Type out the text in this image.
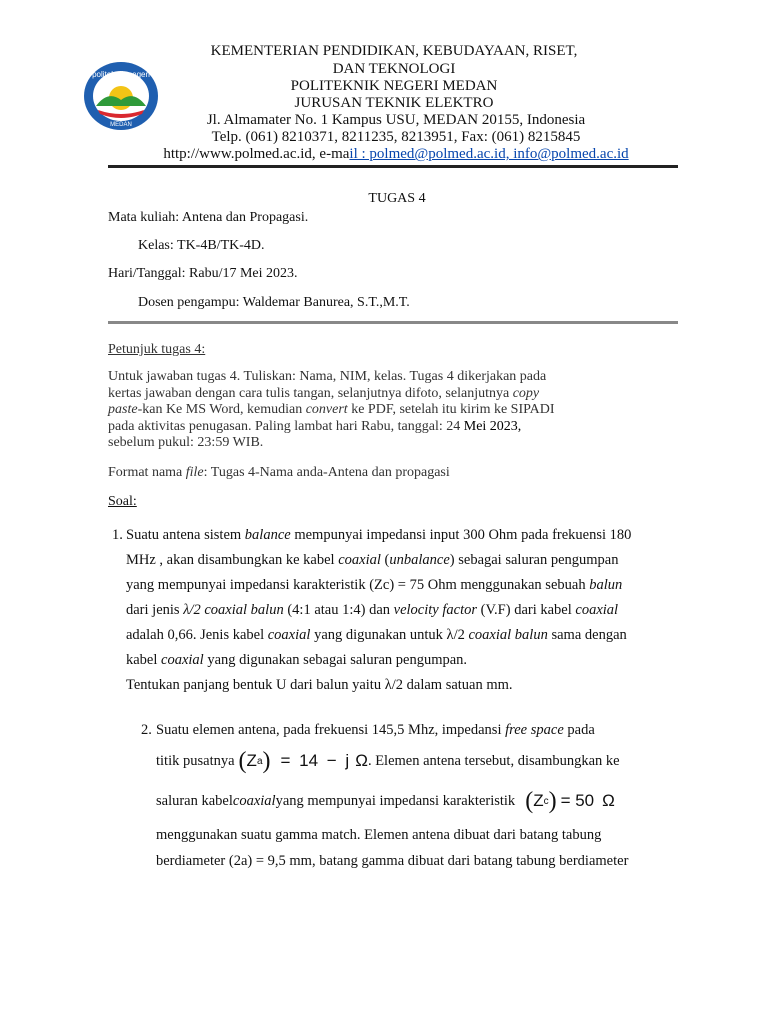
politeknik negeri
MEDAN
KEMENTERIAN PENDIDIKAN, KEBUDAYAAN, RISET,
DAN TEKNOLOGI
POLITEKNIK NEGERI MEDAN
JURUSAN TEKNIK ELEKTRO
Jl. Almamater No. 1 Kampus USU, MEDAN 20155, Indonesia
Telp. (061) 8210371, 8211235, 8213951, Fax: (061) 8215845
http://www.polmed.ac.id, e-mail : polmed@polmed.ac.id, info@polmed.ac.id
TUGAS 4
Mata kuliah: Antena dan Propagasi.
Kelas: TK-4B/TK-4D.
Hari/Tanggal: Rabu/17 Mei 2023.
Dosen pengampu: Waldemar Banurea, S.T.,M.T.
Petunjuk tugas 4:
Untuk jawaban tugas 4. Tuliskan: Nama, NIM, kelas. Tugas 4 dikerjakan pada
kertas jawaban dengan cara tulis tangan, selanjutnya difoto, selanjutnya copy
paste-kan Ke MS Word, kemudian convert ke PDF, setelah itu kirim ke SIPADI
pada aktivitas penugasan. Paling lambat hari Rabu, tanggal: 24 Mei 2023,
sebelum pukul: 23:59 WIB.
Format nama file: Tugas 4-Nama anda-Antena dan propagasi
Soal:
1. Suatu antena sistem balance mempunyai impedansi input 300 Ohm pada frekuensi 180
MHz , akan disambungkan ke kabel coaxial (unbalance) sebagai saluran pengumpan
yang mempunyai impedansi karakteristik (Zc) = 75 Ohm menggunakan sebuah balun
dari jenis λ/2 coaxial balun (4:1 atau 1:4) dan velocity factor (V.F) dari kabel coaxial
adalah 0,66. Jenis kabel coaxial yang digunakan untuk λ/2 coaxial balun sama dengan
kabel coaxial yang digunakan sebagai saluran pengumpan.
Tentukan panjang bentuk U dari balun yaitu λ/2 dalam satuan mm.
2. Suatu elemen antena, pada frekuensi 145,5 Mhz, impedansi free space pada
titik pusatnya ( Z a ) = 14 − j Ω . Elemen antena tersebut, disambungkan ke
saluran kabel coaxial yang mempunyai impedansi karakteristik ( Z c ) = 50 Ω
menggunakan suatu gamma match. Elemen antena dibuat dari batang tabung
berdiameter (2a) = 9,5 mm, batang gamma dibuat dari batang tabung berdiameter
